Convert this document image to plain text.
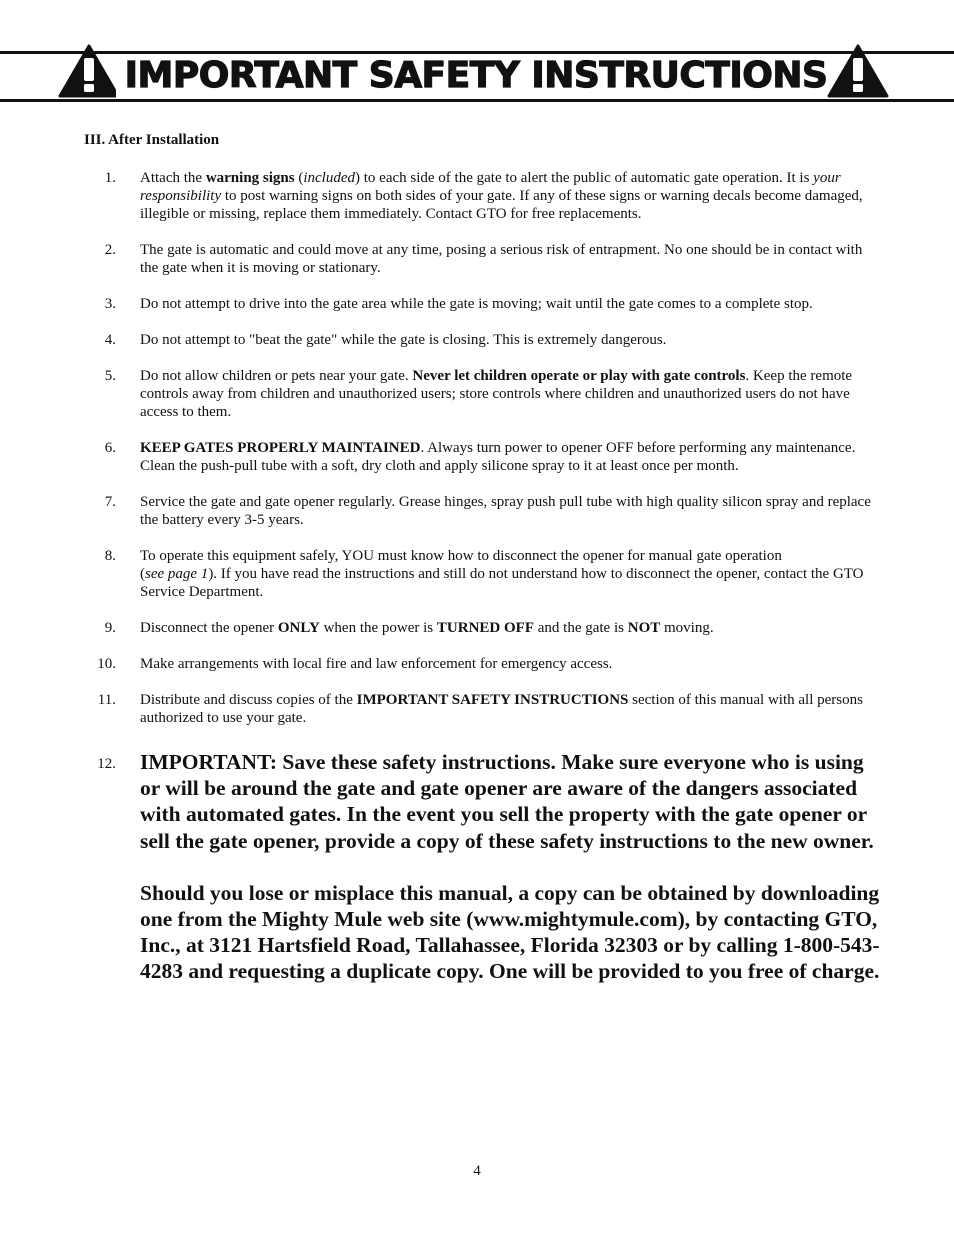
IMPORTANT SAFETY INSTRUCTIONS
III. After Installation
1. Attach the warning signs (included) to each side of the gate to alert the public of automatic gate operation. It is your responsibility to post warning signs on both sides of your gate. If any of these signs or warning decals become damaged, illegible or missing, replace them immediately. Contact GTO for free replacements.
2. The gate is automatic and could move at any time, posing a serious risk of entrapment. No one should be in contact with the gate when it is moving or stationary.
3. Do not attempt to drive into the gate area while the gate is moving; wait until the gate comes to a complete stop.
4. Do not attempt to "beat the gate" while the gate is closing. This is extremely dangerous.
5. Do not allow children or pets near your gate. Never let children operate or play with gate controls. Keep the remote controls away from children and unauthorized users; store controls where children and unauthorized users do not have access to them.
6. KEEP GATES PROPERLY MAINTAINED. Always turn power to opener OFF before performing any maintenance. Clean the push-pull tube with a soft, dry cloth and apply silicone spray to it at least once per month.
7. Service the gate and gate opener regularly. Grease hinges, spray push pull tube with high quality silicon spray and replace the battery every 3-5 years.
8. To operate this equipment safely, YOU must know how to disconnect the opener for manual gate operation
(see page 1). If you have read the instructions and still do not understand how to disconnect the opener, contact the GTO Service Department.
9. Disconnect the opener ONLY when the power is TURNED OFF and the gate is NOT moving.
10. Make arrangements with local fire and law enforcement for emergency access.
11. Distribute and discuss copies of the IMPORTANT SAFETY INSTRUCTIONS section of this manual with all persons authorized to use your gate.
12. IMPORTANT: Save these safety instructions. Make sure everyone who is using or will be around the gate and gate opener are aware of the dangers associated with automated gates. In the event you sell the property with the gate opener or sell the gate opener, provide a copy of these safety instructions to the new owner.

Should you lose or misplace this manual, a copy can be obtained by downloading one from the Mighty Mule web site (www.mightymule.com), by contacting GTO, Inc., at 3121 Hartsfield Road, Tallahassee, Florida 32303 or by calling 1-800-543-4283 and requesting a duplicate copy. One will be provided to you free of charge.

4
